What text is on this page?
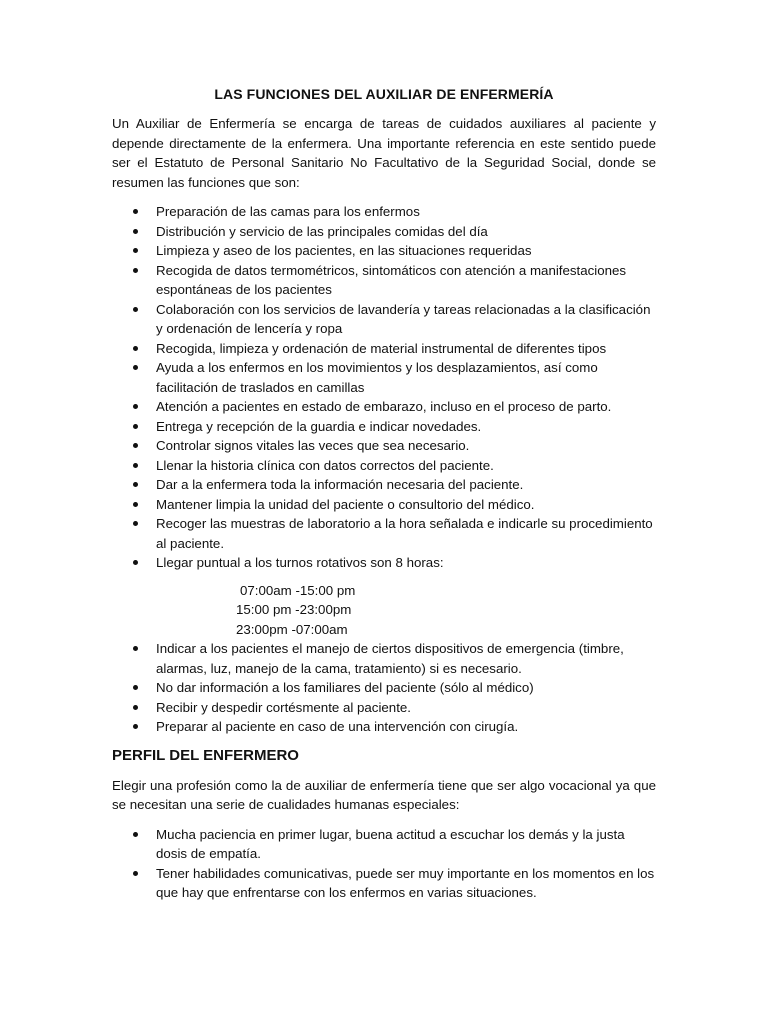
LAS FUNCIONES DEL AUXILIAR DE ENFERMERÍA

Un Auxiliar de Enfermería se encarga de tareas de cuidados auxiliares al paciente y depende directamente de la enfermera. Una importante referencia en este sentido puede ser el Estatuto de Personal Sanitario No Facultativo de la Seguridad Social, donde se resumen las funciones que son:

Preparación de las camas para los enfermos
Distribución y servicio de las principales comidas del día
Limpieza y aseo de los pacientes, en las situaciones requeridas
Recogida de datos termométricos, sintomáticos con atención a manifestaciones espontáneas de los pacientes
Colaboración con los servicios de lavandería y tareas relacionadas a la clasificación y ordenación de lencería y ropa
Recogida, limpieza y ordenación de material instrumental de diferentes tipos
Ayuda a los enfermos en los movimientos y los desplazamientos, así como facilitación de traslados en camillas
Atención a pacientes en estado de embarazo, incluso en el proceso de parto.
Entrega y recepción de la guardia e indicar novedades.
Controlar signos vitales las veces que sea necesario.
Llenar la historia clínica con datos correctos del paciente.
Dar a la enfermera toda la información necesaria del paciente.
Mantener limpia la unidad del paciente o consultorio del médico.
Recoger las muestras de laboratorio a la hora señalada e indicarle su procedimiento al paciente.
Llegar puntual a los turnos rotativos son 8 horas:
07:00am -15:00 pm
15:00 pm -23:00pm
23:00pm -07:00am
Indicar a los pacientes el manejo de ciertos dispositivos de emergencia (timbre, alarmas, luz, manejo de la cama, tratamiento) si es necesario.
No dar información a los familiares del paciente (sólo al médico)
Recibir y despedir cortésmente al paciente.
Preparar al paciente en caso de una intervención con cirugía.
PERFIL DEL ENFERMERO

Elegir una profesión como la de auxiliar de enfermería tiene que ser algo vocacional ya que se necesitan una serie de cualidades humanas especiales:

Mucha paciencia en primer lugar, buena actitud a escuchar los demás y la justa dosis de empatía.
Tener habilidades comunicativas, puede ser muy importante en los momentos en los que hay que enfrentarse con los enfermos en varias situaciones.
